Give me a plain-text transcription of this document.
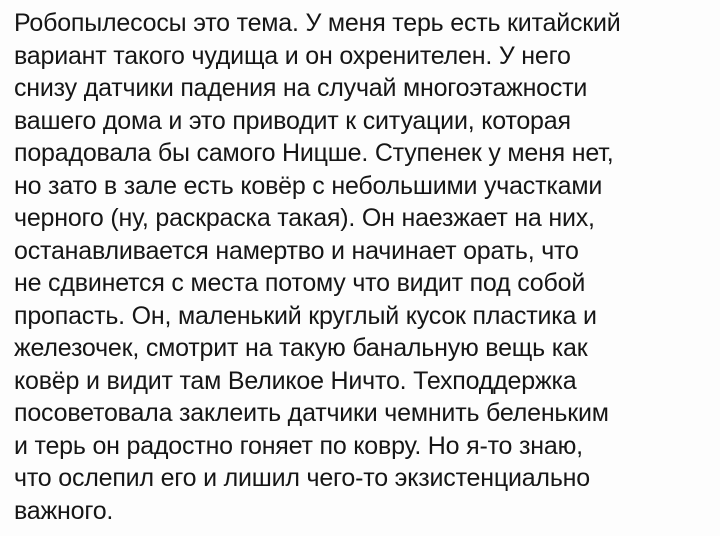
Робопылесосы это тема. У меня терь есть китайский
вариант такого чудища и он охренителен. У него
снизу датчики падения на случай многоэтажности
вашего дома и это приводит к ситуации, которая
порадовала бы самого Ницше. Ступенек у меня нет,
но зато в зале есть ковёр с небольшими участками
черного (ну, раскраска такая). Он наезжает на них,
останавливается намертво и начинает орать, что
не сдвинется с места потому что видит под собой
пропасть. Он, маленький круглый кусок пластика и
железочек, смотрит на такую банальную вещь как
ковёр и видит там Великое Ничто. Техподдержка
посоветовала заклеить датчики чемнить беленьким
и терь он радостно гоняет по ковру. Но я-то знаю,
что ослепил его и лишил чего-то экзистенциально
важного.
